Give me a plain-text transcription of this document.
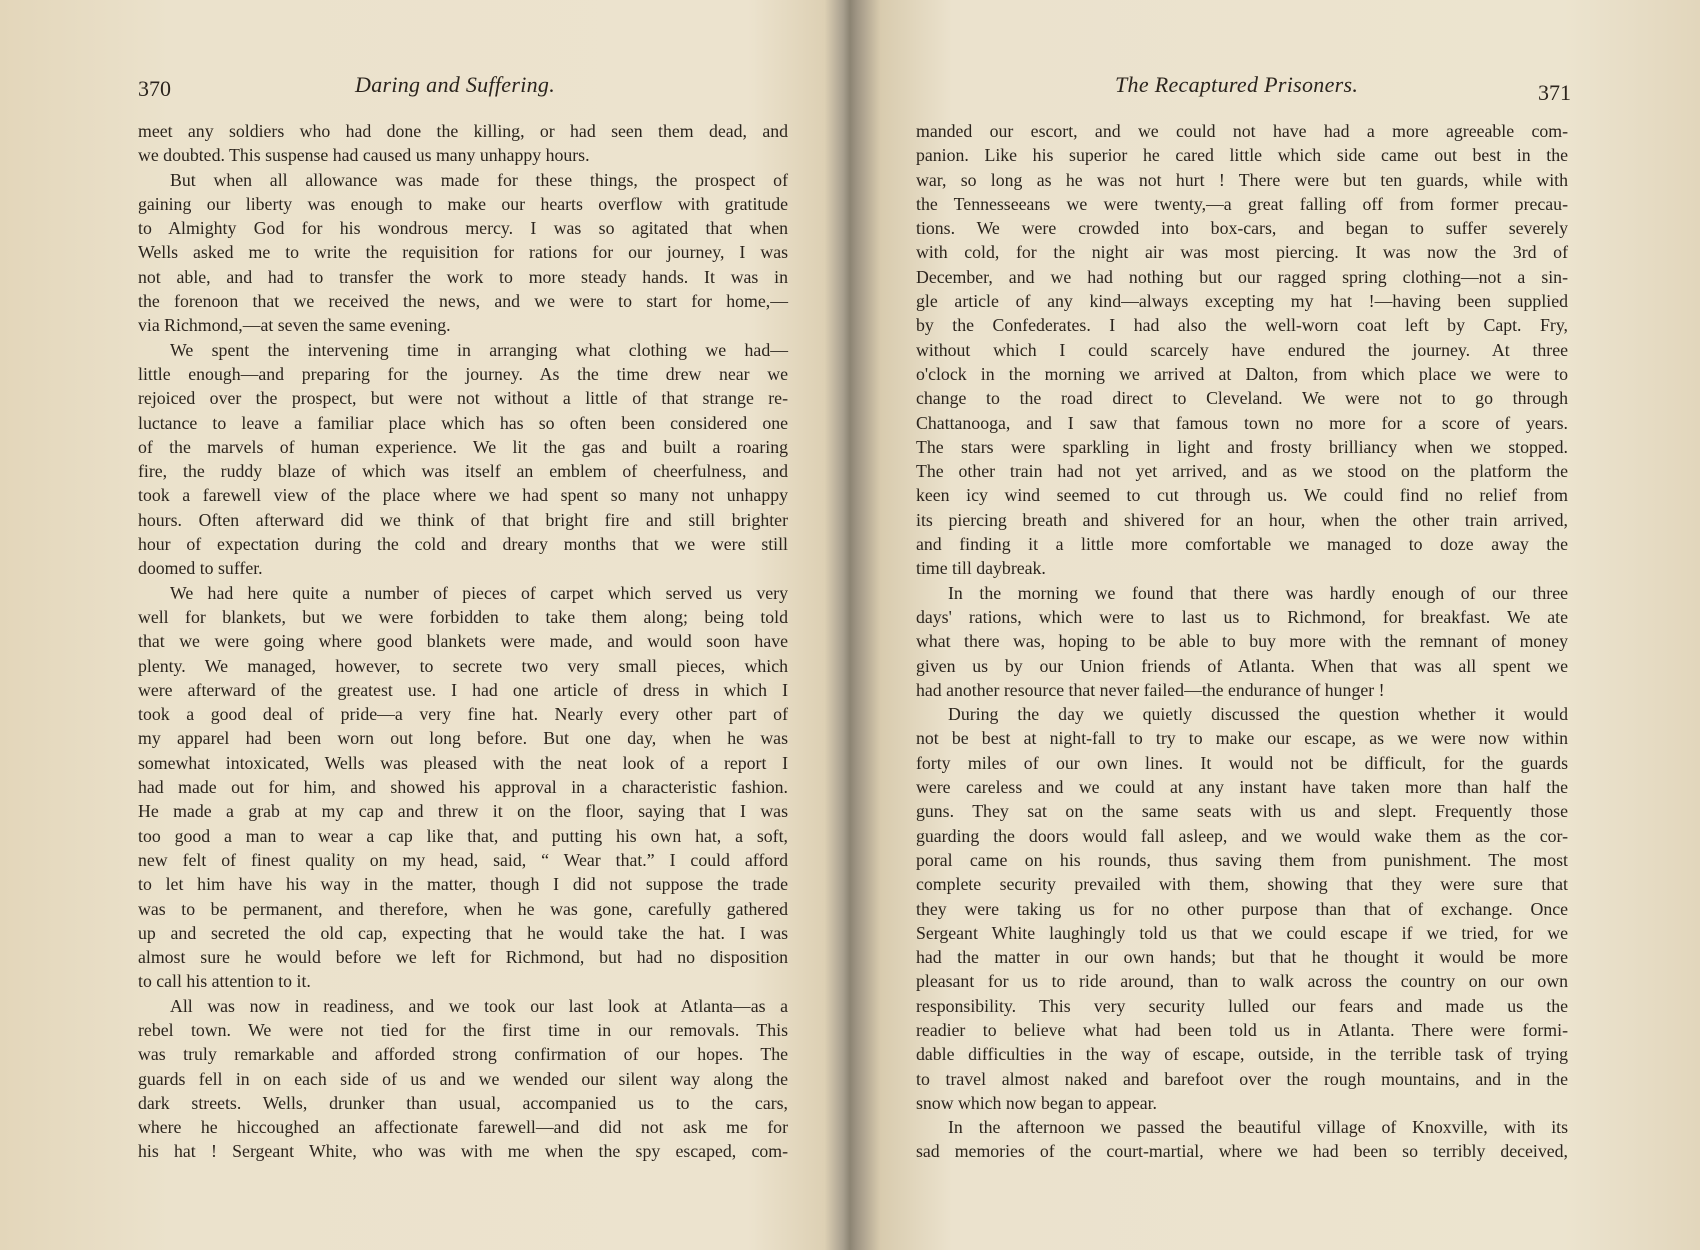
370	Daring and Suffering.
meet any soldiers who had done the killing, or had seen them dead, and
we doubted. This suspense had caused us many unhappy hours.
But when all allowance was made for these things, the prospect of
gaining our liberty was enough to make our hearts overflow with gratitude
to Almighty God for his wondrous mercy. I was so agitated that when
Wells asked me to write the requisition for rations for our journey, I was
not able, and had to transfer the work to more steady hands. It was in
the forenoon that we received the news, and we were to start for home,—
via Richmond,—at seven the same evening.
We spent the intervening time in arranging what clothing we had—
little enough—and preparing for the journey. As the time drew near we
rejoiced over the prospect, but were not without a little of that strange re-
luctance to leave a familiar place which has so often been considered one
of the marvels of human experience. We lit the gas and built a roaring
fire, the ruddy blaze of which was itself an emblem of cheerfulness, and
took a farewell view of the place where we had spent so many not unhappy
hours. Often afterward did we think of that bright fire and still brighter
hour of expectation during the cold and dreary months that we were still
doomed to suffer.
We had here quite a number of pieces of carpet which served us very
well for blankets, but we were forbidden to take them along; being told
that we were going where good blankets were made, and would soon have
plenty. We managed, however, to secrete two very small pieces, which
were afterward of the greatest use. I had one article of dress in which I
took a good deal of pride—a very fine hat. Nearly every other part of
my apparel had been worn out long before. But one day, when he was
somewhat intoxicated, Wells was pleased with the neat look of a report I
had made out for him, and showed his approval in a characteristic fashion.
He made a grab at my cap and threw it on the floor, saying that I was
too good a man to wear a cap like that, and putting his own hat, a soft,
new felt of finest quality on my head, said, “ Wear that.” I could afford
to let him have his way in the matter, though I did not suppose the trade
was to be permanent, and therefore, when he was gone, carefully gathered
up and secreted the old cap, expecting that he would take the hat. I was
almost sure he would before we left for Richmond, but had no disposition
to call his attention to it.
All was now in readiness, and we took our last look at Atlanta—as a
rebel town. We were not tied for the first time in our removals. This
was truly remarkable and afforded strong confirmation of our hopes. The
guards fell in on each side of us and we wended our silent way along the
dark streets. Wells, drunker than usual, accompanied us to the cars,
where he hiccoughed an affectionate farewell—and did not ask me for
his hat ! Sergeant White, who was with me when the spy escaped, com-
The Recaptured Prisoners.	371
manded our escort, and we could not have had a more agreeable com-
panion. Like his superior he cared little which side came out best in the
war, so long as he was not hurt ! There were but ten guards, while with
the Tennesseeans we were twenty,—a great falling off from former precau-
tions. We were crowded into box-cars, and began to suffer severely
with cold, for the night air was most piercing. It was now the 3rd of
December, and we had nothing but our ragged spring clothing—not a sin-
gle article of any kind—always excepting my hat !—having been supplied
by the Confederates. I had also the well-worn coat left by Capt. Fry,
without which I could scarcely have endured the journey. At three
o'clock in the morning we arrived at Dalton, from which place we were to
change to the road direct to Cleveland. We were not to go through
Chattanooga, and I saw that famous town no more for a score of years.
The stars were sparkling in light and frosty brilliancy when we stopped.
The other train had not yet arrived, and as we stood on the platform the
keen icy wind seemed to cut through us. We could find no relief from
its piercing breath and shivered for an hour, when the other train arrived,
and finding it a little more comfortable we managed to doze away the
time till daybreak.
In the morning we found that there was hardly enough of our three
days' rations, which were to last us to Richmond, for breakfast. We ate
what there was, hoping to be able to buy more with the remnant of money
given us by our Union friends of Atlanta. When that was all spent we
had another resource that never failed—the endurance of hunger !
During the day we quietly discussed the question whether it would
not be best at night-fall to try to make our escape, as we were now within
forty miles of our own lines. It would not be difficult, for the guards
were careless and we could at any instant have taken more than half the
guns. They sat on the same seats with us and slept. Frequently those
guarding the doors would fall asleep, and we would wake them as the cor-
poral came on his rounds, thus saving them from punishment. The most
complete security prevailed with them, showing that they were sure that
they were taking us for no other purpose than that of exchange. Once
Sergeant White laughingly told us that we could escape if we tried, for we
had the matter in our own hands; but that he thought it would be more
pleasant for us to ride around, than to walk across the country on our own
responsibility. This very security lulled our fears and made us the
readier to believe what had been told us in Atlanta. There were formi-
dable difficulties in the way of escape, outside, in the terrible task of trying
to travel almost naked and barefoot over the rough mountains, and in the
snow which now began to appear.
In the afternoon we passed the beautiful village of Knoxville, with its
sad memories of the court-martial, where we had been so terribly deceived,
